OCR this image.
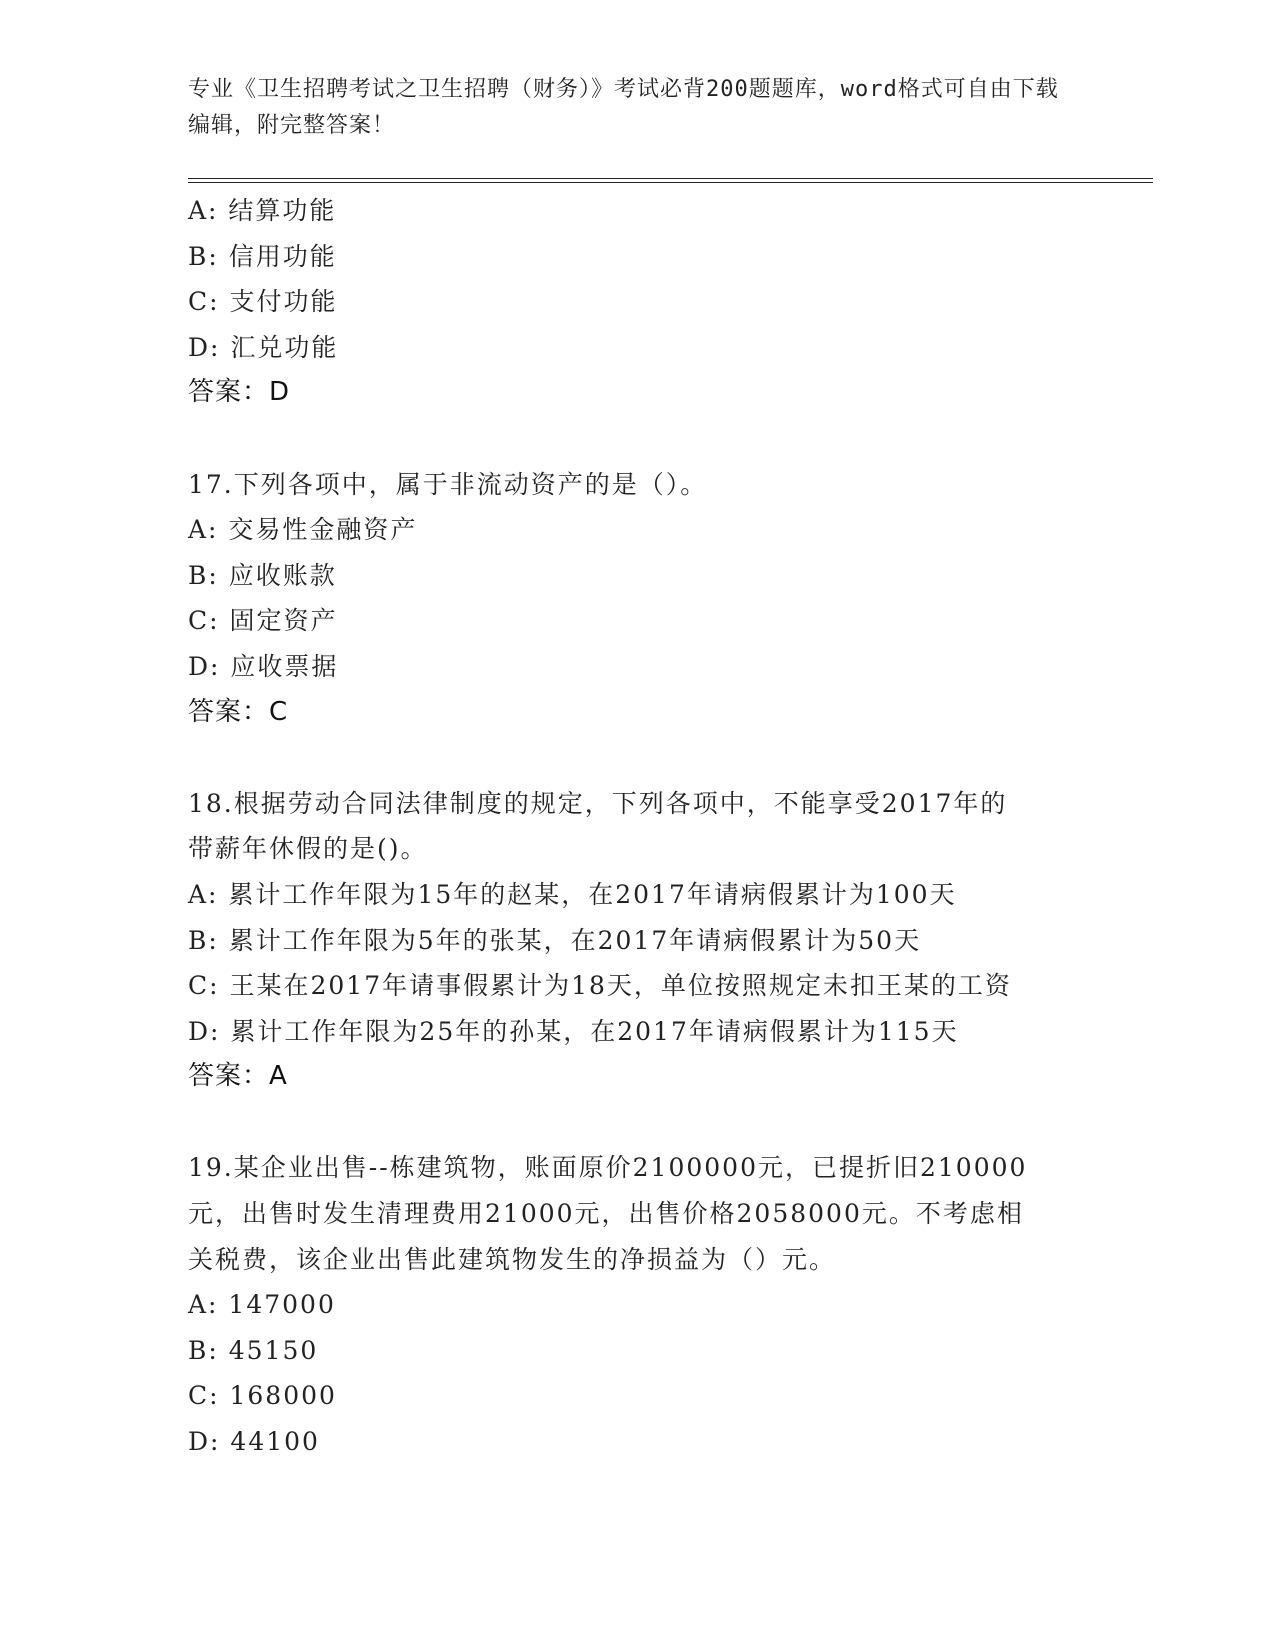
专业《卫生招聘考试之卫生招聘（财务）》考试必背200题题库，word格式可自由下载编辑，附完整答案！
A: 结算功能
B: 信用功能
C: 支付功能
D: 汇兑功能
答案：D
17.下列各项中，属于非流动资产的是（）。
A: 交易性金融资产
B: 应收账款
C: 固定资产
D: 应收票据
答案：C
18.根据劳动合同法律制度的规定，下列各项中，不能享受2017年的
带薪年休假的是()。
A: 累计工作年限为15年的赵某，在2017年请病假累计为100天
B: 累计工作年限为5年的张某，在2017年请病假累计为50天
C: 王某在2017年请事假累计为18天，单位按照规定未扣王某的工资
D: 累计工作年限为25年的孙某，在2017年请病假累计为115天
答案：A
19.某企业出售--栋建筑物，账面原价2100000元，已提折旧210000
元，出售时发生清理费用21000元，出售价格2058000元。不考虑相
关税费，该企业出售此建筑物发生的净损益为（）元。
A: 147000
B: 45150
C: 168000
D: 44100
